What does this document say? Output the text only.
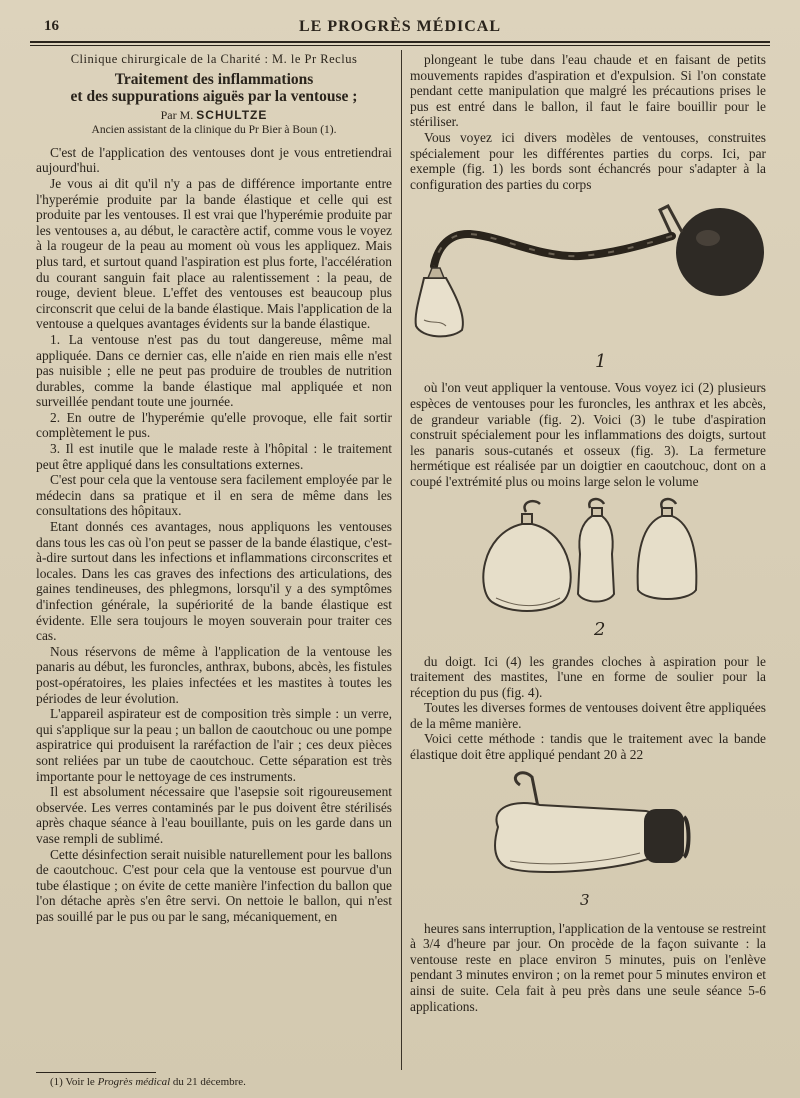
16	LE PROGRÈS MÉDICAL
Clinique chirurgicale de la Charité : M. le Pr Reclus
Traitement des inflammations
et des suppurations aiguës par la ventouse ;
Par M. SCHULTZE
Ancien assistant de la clinique du Pr Bier à Boun (1).

C'est de l'application des ventouses dont je vous entretiendrai aujourd'hui.

Je vous ai dit qu'il n'y a pas de différence importante entre l'hyperémie produite par la bande élastique et celle qui est produite par les ventouses. Il est vrai que l'hyperémie produite par les ventouses a, au début, le caractère actif, comme vous le voyez à la rougeur de la peau au moment où vous les appliquez. Mais plus tard, et surtout quand l'aspiration est plus forte, l'accélération du courant sanguin fait place au ralentissement : la peau, de rouge, devient bleue. L'effet des ventouses est beaucoup plus circonscrit que celui de la bande élastique. Mais l'application de la ventouse a quelques avantages évidents sur la bande élastique.

1. La ventouse n'est pas du tout dangereuse, même mal appliquée. Dans ce dernier cas, elle n'aide en rien mais elle n'est pas nuisible ; elle ne peut pas produire de troubles de nutrition durables, comme la bande élastique mal appliquée et non surveillée pendant toute une journée.

2. En outre de l'hyperémie qu'elle provoque, elle fait sortir complètement le pus.

3. Il est inutile que le malade reste à l'hôpital : le traitement peut être appliqué dans les consultations externes.

C'est pour cela que la ventouse sera facilement employée par le médecin dans sa pratique et il en sera de même dans les consultations des hôpitaux.

Etant donnés ces avantages, nous appliquons les ventouses dans tous les cas où l'on peut se passer de la bande élastique, c'est-à-dire surtout dans les infections et inflammations circonscrites et locales. Dans les cas graves des infections des articulations, des gaines tendineuses, des phlegmons, lorsqu'il y a des symptômes d'infection générale, la supériorité de la bande élastique est évidente. Elle sera toujours le moyen souverain pour traiter ces cas.

Nous réservons de même à l'application de la ventouse les panaris au début, les furoncles, anthrax, bubons, abcès, les fistules post-opératoires, les plaies infectées et les mastites à toutes les périodes de leur évolution.

L'appareil aspirateur est de composition très simple : un verre, qui s'applique sur la peau ; un ballon de caoutchouc ou une pompe aspiratrice qui produisent la raréfaction de l'air ; ces deux pièces sont reliées par un tube de caoutchouc. Cette séparation est très importante pour le nettoyage de ces instruments.

Il est absolument nécessaire que l'asepsie soit rigoureusement observée. Les verres contaminés par le pus doivent être stérilisés après chaque séance à l'eau bouillante, puis on les garde dans un vase rempli de sublimé.

Cette désinfection serait nuisible naturellement pour les ballons de caoutchouc. C'est pour cela que la ventouse est pourvue d'un tube élastique ; on évite de cette manière l'infection du ballon que l'on détache après s'en être servi. On nettoie le ballon, qui n'est pas souillé par le pus ou par le sang, mécaniquement, en

plongeant le tube dans l'eau chaude et en faisant de petits mouvements rapides d'aspiration et d'expulsion. Si l'on constate pendant cette manipulation que malgré les précautions prises le pus est entré dans le ballon, il faut le faire bouillir pour le stériliser.

Vous voyez ici divers modèles de ventouses, construites spécialement pour les différentes parties du corps. Ici, par exemple (fig. 1) les bords sont échancrés pour s'adapter à la configuration des parties du corps

1

où l'on veut appliquer la ventouse. Vous voyez ici (2) plusieurs espèces de ventouses pour les furoncles, les anthrax et les abcès, de grandeur variable (fig. 2). Voici (3) le tube d'aspiration construit spécialement pour les inflammations des doigts, surtout les panaris sous-cutanés et osseux (fig. 3). La fermeture hermétique est réalisée par un doigtier en caoutchouc, dont on a coupé l'extrémité plus ou moins large selon le volume

2

du doigt. Ici (4) les grandes cloches à aspiration pour le traitement des mastites, l'une en forme de soulier pour la réception du pus (fig. 4).

Toutes les diverses formes de ventouses doivent être appliquées de la même manière.

Voici cette méthode : tandis que le traitement avec la bande élastique doit être appliqué pendant 20 à 22

3

heures sans interruption, l'application de la ventouse se restreint à 3/4 d'heure par jour. On procède de la façon suivante : la ventouse reste en place environ 5 minutes, puis on l'enlève pendant 3 minutes environ ; on la remet pour 5 minutes environ et ainsi de suite. Cela fait à peu près dans une seule séance 5-6 applications.

(1) Voir le Progrès médical du 21 décembre.
